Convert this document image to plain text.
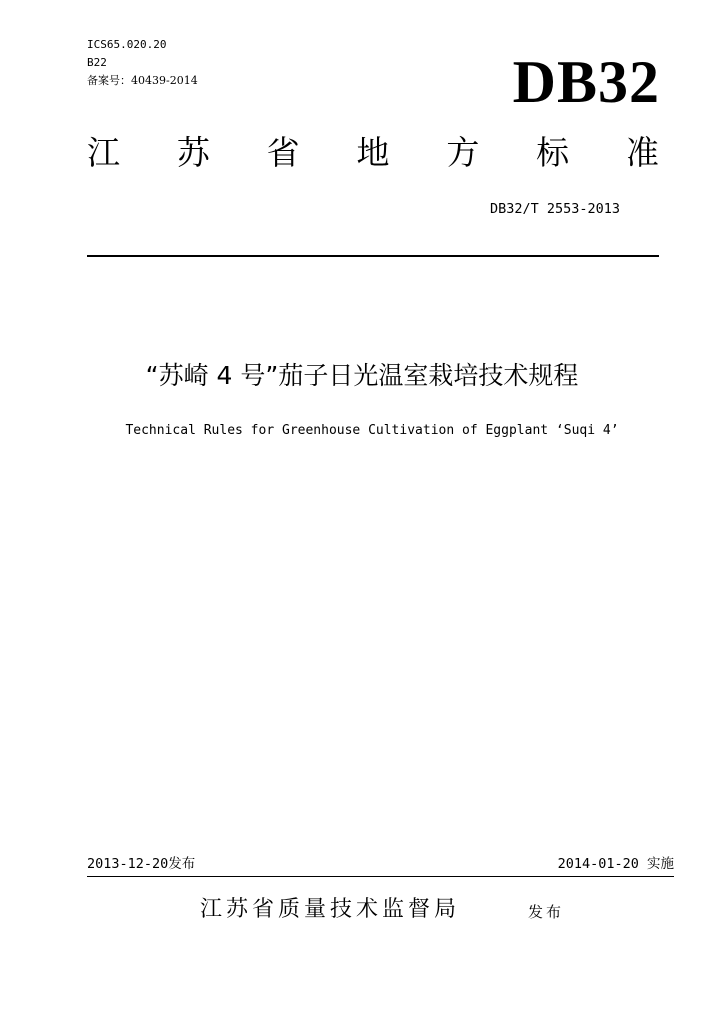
ICS65.020.20
B22
备案号：40439-2014	DB32
江 苏 省 地 方 标 准
DB32/T 2553-2013
“苏崎 4 号”茄子日光温室栽培技术规程
Technical Rules for Greenhouse Cultivation of Eggplant ‘Suqi 4’
2013-12-20发布	2014-01-20 实施
江苏省质量技术监督局	发布
